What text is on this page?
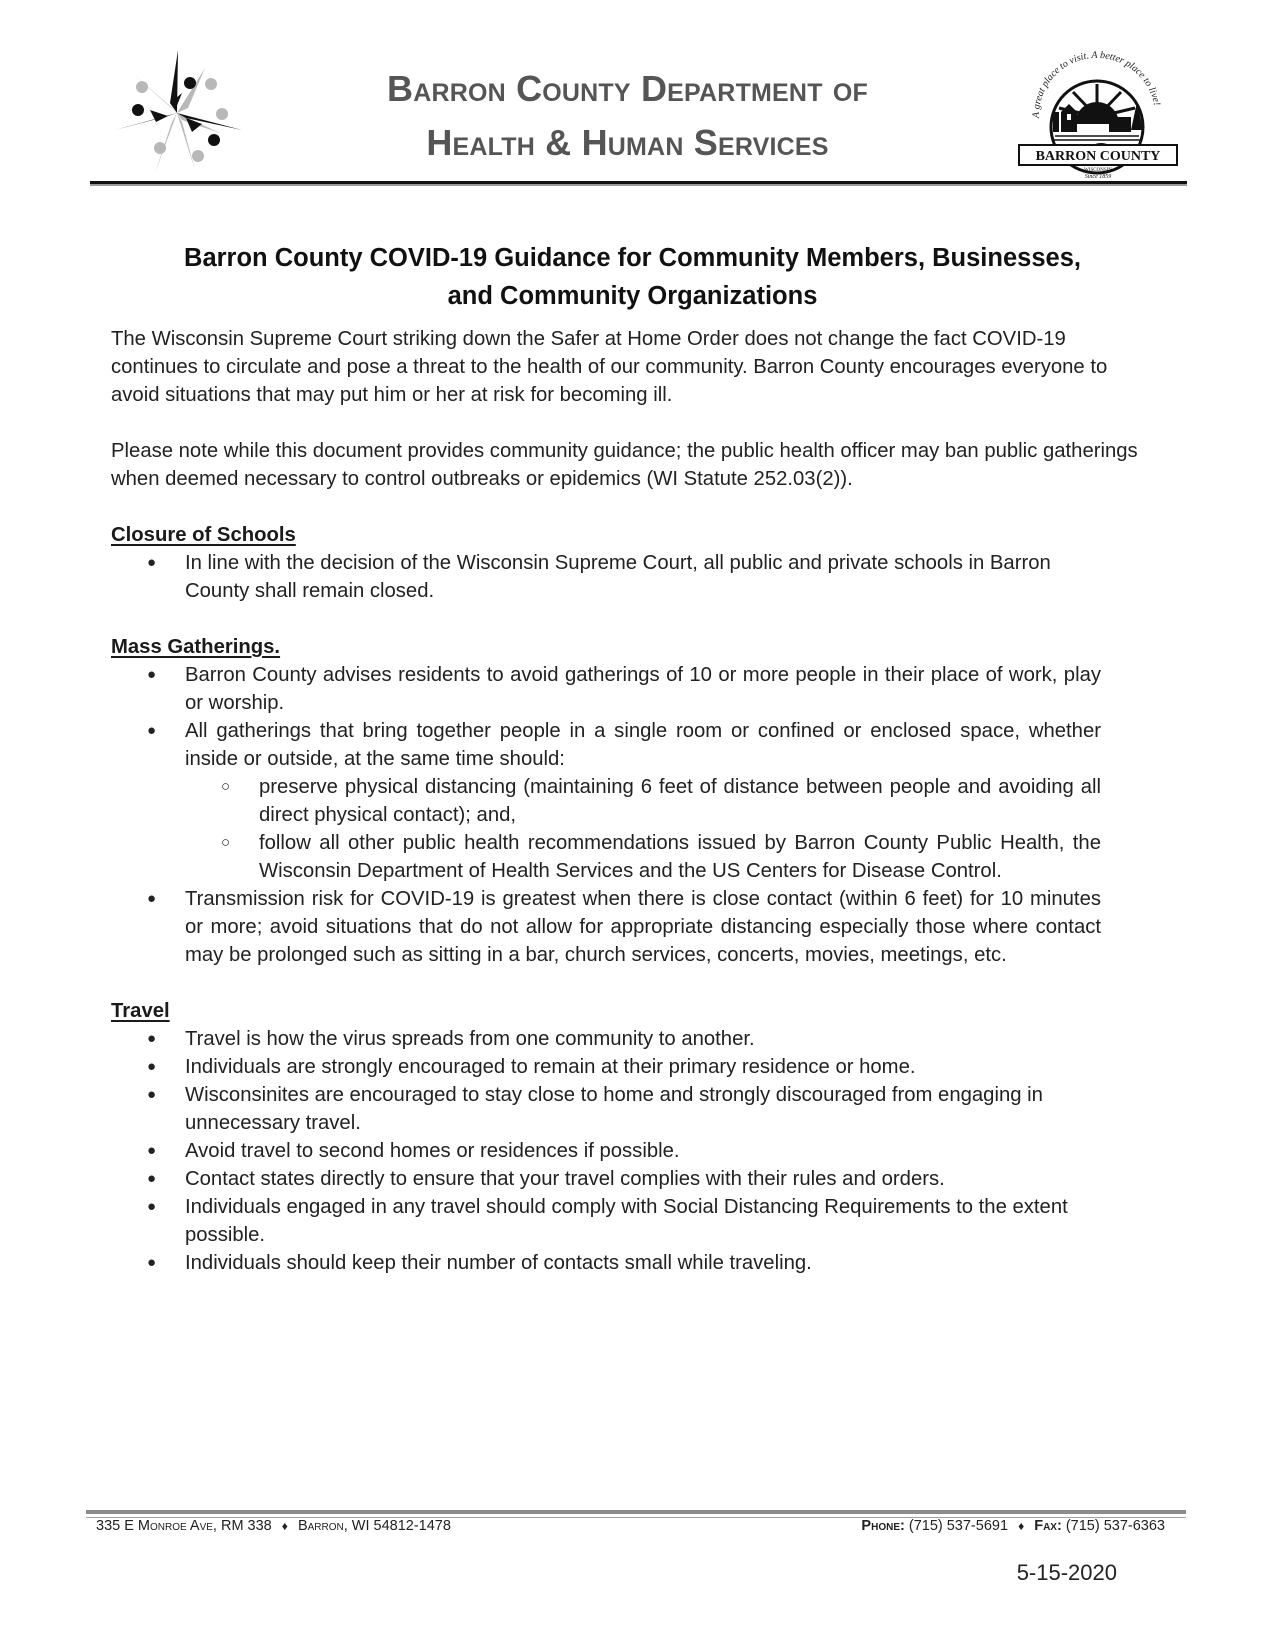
Barron County Department of
Health & Human Services
A great place to visit. A better place to live!
BARRON COUNTY
WISCONSIN
Since 1859
Barron County COVID-19 Guidance for Community Members, Businesses,
and Community Organizations

The Wisconsin Supreme Court striking down the Safer at Home Order does not change the fact COVID-19 continues to circulate and pose a threat to the health of our community. Barron County encourages everyone to avoid situations that may put him or her at risk for becoming ill.

Please note while this document provides community guidance; the public health officer may ban public gatherings when deemed necessary to control outbreaks or epidemics (WI Statute 252.03(2)).

Closure of Schools
● In line with the decision of the Wisconsin Supreme Court, all public and private schools in Barron County shall remain closed.
Mass Gatherings.
● Barron County advises residents to avoid gatherings of 10 or more people in their place of work, play or worship.
● All gatherings that bring together people in a single room or confined or enclosed space, whether inside or outside, at the same time should:
○ preserve physical distancing (maintaining 6 feet of distance between people and avoiding all direct physical contact); and,
○ follow all other public health recommendations issued by Barron County Public Health, the Wisconsin Department of Health Services and the US Centers for Disease Control.
● Transmission risk for COVID-19 is greatest when there is close contact (within 6 feet) for 10 minutes or more; avoid situations that do not allow for appropriate distancing especially those where contact may be prolonged such as sitting in a bar, church services, concerts, movies, meetings, etc.
Travel
● Travel is how the virus spreads from one community to another.
● Individuals are strongly encouraged to remain at their primary residence or home.
● Wisconsinites are encouraged to stay close to home and strongly discouraged from engaging in unnecessary travel.
● Avoid travel to second homes or residences if possible.
● Contact states directly to ensure that your travel complies with their rules and orders.
● Individuals engaged in any travel should comply with Social Distancing Requirements to the extent possible.
● Individuals should keep their number of contacts small while traveling.
335 E Monroe Ave, RM 338 ♦ Barron, WI 54812-1478	Phone: (715) 537-5691 ♦ Fax: (715) 537-6363
5-15-2020
